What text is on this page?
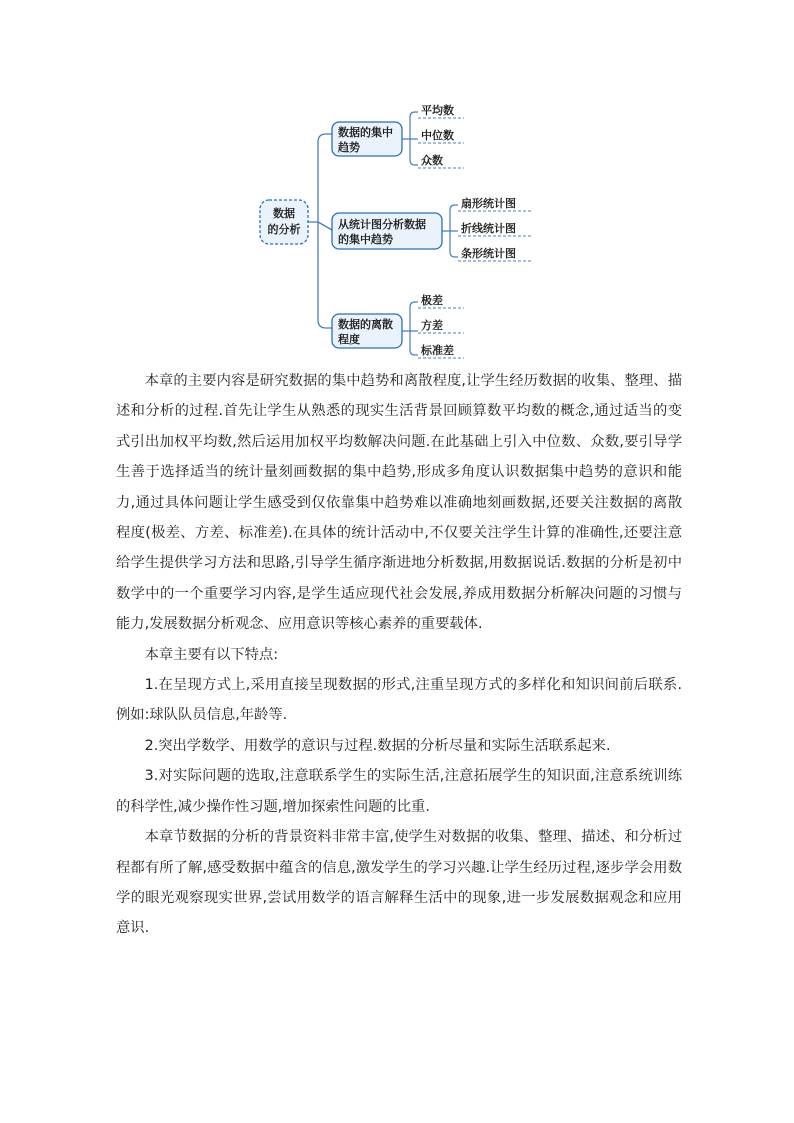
数据
的分析
数据的集中
趋势
平均数
中位数
众数
从统计图分析数据
的集中趋势
扇形统计图
折线统计图
条形统计图
数据的离散
程度
极差
方差
标准差

本章的主要内容是研究数据的集中趋势和离散程度,让学生经历数据的收集、整理、描述和分析的过程.首先让学生从熟悉的现实生活背景回顾算数平均数的概念,通过适当的变式引出加权平均数,然后运用加权平均数解决问题.在此基础上引入中位数、众数,要引导学生善于选择适当的统计量刻画数据的集中趋势,形成多角度认识数据集中趋势的意识和能力,通过具体问题让学生感受到仅依靠集中趋势难以准确地刻画数据,还要关注数据的离散程度(极差、方差、标准差).在具体的统计活动中,不仅要关注学生计算的准确性,还要注意给学生提供学习方法和思路,引导学生循序渐进地分析数据,用数据说话.数据的分析是初中数学中的一个重要学习内容,是学生适应现代社会发展,养成用数据分析解决问题的习惯与能力,发展数据分析观念、应用意识等核心素养的重要载体.

本章主要有以下特点:

1.在呈现方式上,采用直接呈现数据的形式,注重呈现方式的多样化和知识间前后联系.例如:球队队员信息,年龄等.

2.突出学数学、用数学的意识与过程.数据的分析尽量和实际生活联系起来.

3.对实际问题的选取,注意联系学生的实际生活,注意拓展学生的知识面,注意系统训练的科学性,减少操作性习题,增加探索性问题的比重.

本章节数据的分析的背景资料非常丰富,使学生对数据的收集、整理、描述、和分析过程都有所了解,感受数据中蕴含的信息,激发学生的学习兴趣.让学生经历过程,逐步学会用数学的眼光观察现实世界,尝试用数学的语言解释生活中的现象,进一步发展数据观念和应用意识.
